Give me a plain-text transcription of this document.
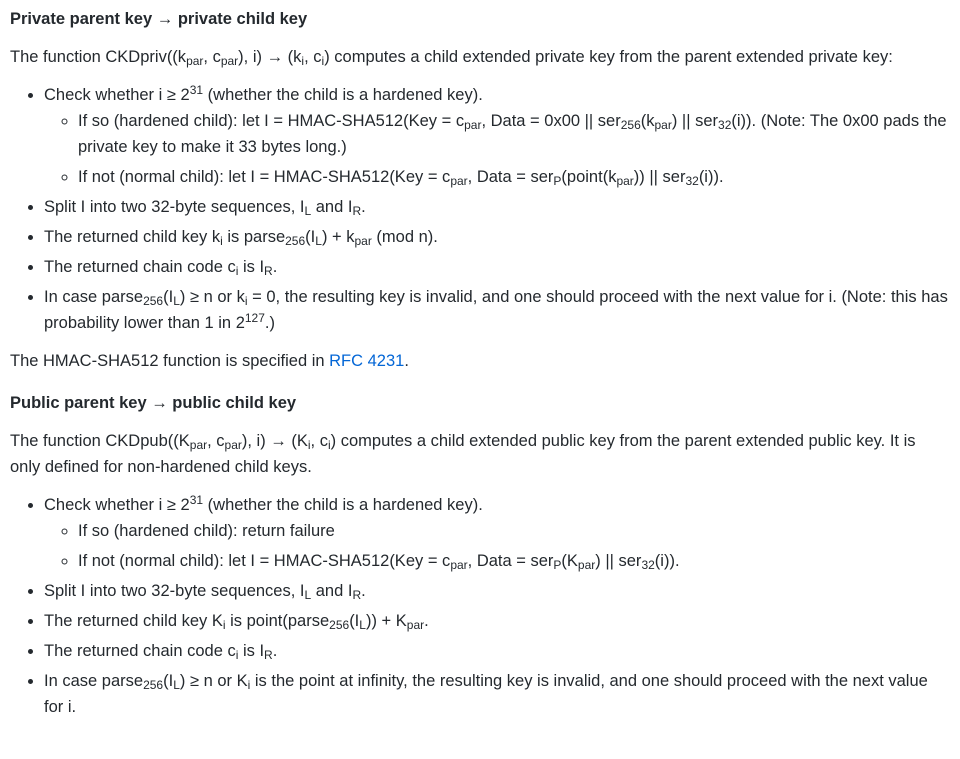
Private parent key → private child key

The function $CKDpriv((k_{par}$, $c_{par}$), $i) \to (k_i$, $c_i$) computes a child extended private key from the parent extended private key:

• Check whether $i \ge 2^{31}$ (whether the child is a hardened key).
◦ If so (hardened child): let I = HMAC-SHA512(Key = $c_{par}$, Data = 0x00 || $ser_{256}(k_{par})$ || ser$_{32}$(i)). (Note: The 0x00 pads the private key to make it 33 bytes long.)
◦ If not (normal child): let I = HMAC-SHA512(Key = $c_{par}$, Data = $ser_P(point(k_{par}))$ || ser$_{32}$(i)).
• Split I into two 32-byte sequences, $I_L$ and $I_R$.
• The returned child key $k_i$ is $parse_{256}(I_L) + k_{par}$ (mod n).
• The returned chain code $c_i$ is $I_R$.
• In case $parse_{256}(I_L) \ge n$ or $k_i = 0$, the resulting key is invalid, and one should proceed with the next value for i. (Note: this has probability lower than 1 in $2^{127}$.)

The HMAC-SHA512 function is specified in RFC 4231.

Public parent key → public child key

The function $CKDpub((K_{par}$, $c_{par}$), $i) \to (K_i$, $c_i$) computes a child extended public key from the parent extended public key. It is only defined for non-hardened child keys.

• Check whether $i \ge 2^{31}$ (whether the child is a hardened key).
◦ If so (hardened child): return failure
◦ If not (normal child): let I = HMAC-SHA512(Key = $c_{par}$, Data = $ser_P(K_{par})$ || ser$_{32}$(i)).
• Split I into two 32-byte sequences, $I_L$ and $I_R$.
• The returned child key $K_i$ is $point(parse_{256}(I_L)) + K_{par}$.
• The returned chain code $c_i$ is $I_R$.
• In case $parse_{256}(I_L) \ge n$ or $K_i$ is the point at infinity, the resulting key is invalid, and one should proceed with the next value for i.
